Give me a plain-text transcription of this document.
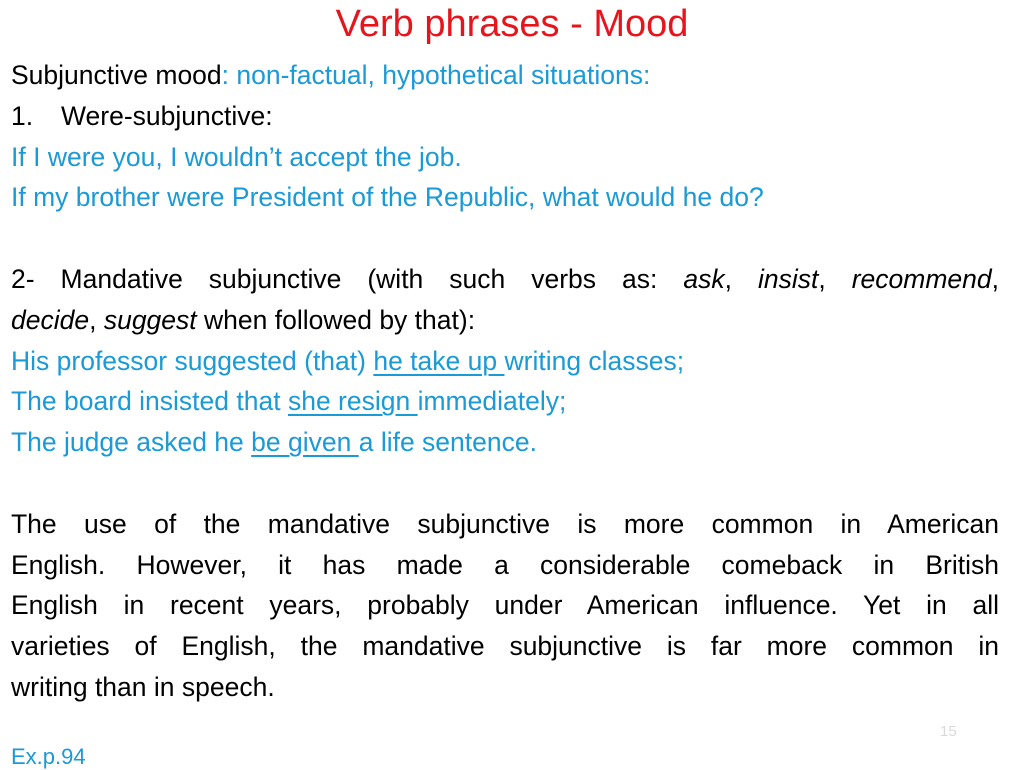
Verb phrases - Mood
Subjunctive mood: non-factual, hypothetical situations:
1. Were-subjunctive:
If I were you, I wouldn’t accept the job.
If my brother were President of the Republic, what would he do?
2- Mandative subjunctive (with such verbs as: ask, insist, recommend,
decide, suggest when followed by that):
His professor suggested (that) he take up writing classes;
The board insisted that she resign immediately;
The judge asked he be given a life sentence.
The use of the mandative subjunctive is more common in American
English. However, it has made a considerable comeback in British
English in recent years, probably under American influence. Yet in all
varieties of English, the mandative subjunctive is far more common in
writing than in speech.
15
Ex.p.94
